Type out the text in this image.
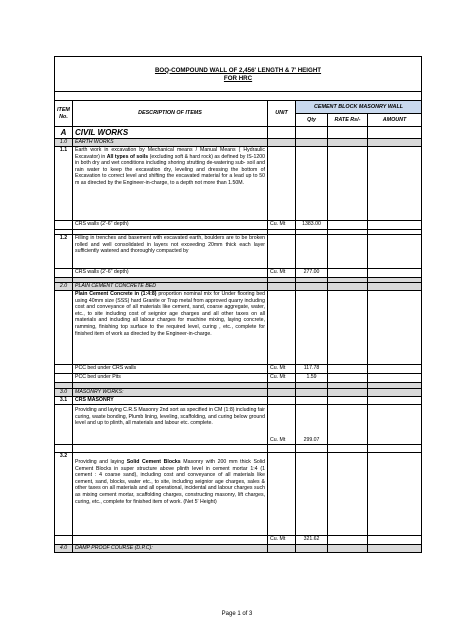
BOQ-COMPOUND WALL OF 2,456' LENGTH & 7' HEIGHT
FOR HRC					

ITEM
No.	DESCRIPTION OF ITEMS	UNIT	CEMENT BLOCK MASONRY WALL		
			Qty	RATE Rs/-	AMOUNT
A	CIVIL WORKS				
1.0	EARTH WORKS				
1.1	Earth work in excavation by Mechanical means / Manual Means ( Hydraulic Excavator) in All types of soils (excluding soft & hard rock) as defined by IS-1200 in both dry and wet conditions including shoring strutting de-watering sub- soil and rain water to keep the excavation dry, leveling and dressing the bottom of Excavation to correct level and shifting the excavated material for a lead up to 50 m as directed by the Engineer-in-charge, to a depth not more than 1.50M.				
	CRS walls (2'-6" depth)	Cu. Mt	1383.00		

1.2	Filling in trenches and basement with excavated earth, boulders are to be broken rolled and well consolidated in layers not exceeding 20mm thick each layer sufficiently watered and thoroughly compacted by				
	CRS walls (2'-6" depth)	Cu. Mt	277.00		

2.0	PLAIN CEMENT CONCRETE BED				
	Plain Cement Concrete in (1:4:8) proportion nominal mix for Under flooring bed using 40mm size (SSS) hard Granite or Trap metal from approved quarry including cost and conveyance of all materials like cement, sand, coarse aggregate, water, etc., to site including cost of seignior age charges and all other taxes on all materials and including all labour charges for machine mixing, laying concrete, ramming, finishing top surface to the required level, curing , etc., complete for finished item of work as directed by the Engineer-in-charge.				
	PCC bed under CRS walls	Cu. Mt	117.78		
	PCC bed under Pits	Cu. Mt	1.59		

3.0	MASONRY WORKS:				
3.1	CRS MASONRY				
	Providing and laying C.R.S Masonry 2nd sort as specified in CM (1:8) including fair curing, waste bonding, Plumb lining, leveling, scaffolding, and curing below ground level and up to plinth, all materials and labour etc. complete.	Cu. Mt	299.07		

3.2	Providing and laying Solid Cement Blocks Masonry with 200 mm thick Solid Cement Blocks in super structure above plinth level in cement mortar 1:4 (1 cement : 4 coarse sand), including cost and conveyance of all materials like cement, sand, blocks, water etc., to site, including seignior age charges, sales & other taxes on all materials and all operational, incidental and labour charges such as mixing cement mortar, scaffolding charges, constructing masonry, lift charges, curing, etc., complete for finished item of work. (Net 5' Height)				
		Cu. Mt	321.62		
4.0	DAMP PROOF COURSE (D.P.C):				
Page 1 of 3
